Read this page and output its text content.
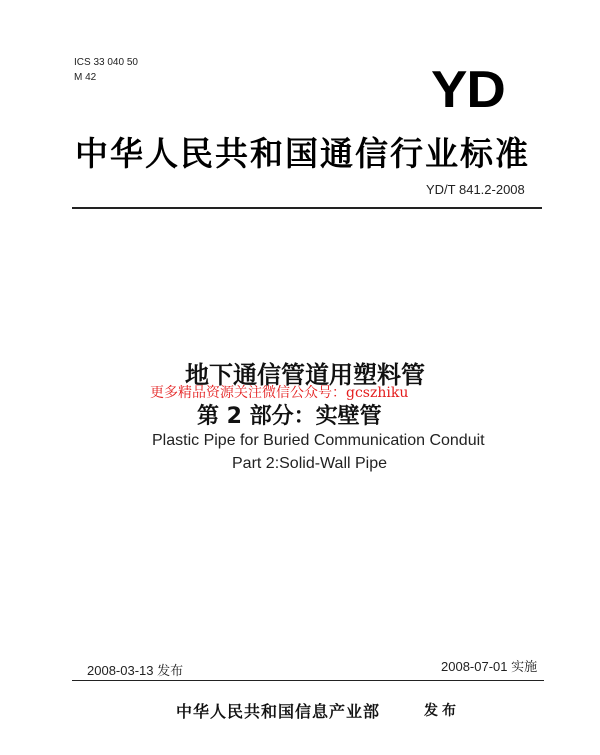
ICS 33 040 50
M 42	YD
中华人民共和国通信行业标准
YD/T 841.2-2008
地下通信管道用塑料管
更多精品资源关注微信公众号：gcszhiku
第 2 部分：实壁管
Plastic Pipe for Buried Communication Conduit
Part 2:Solid-Wall Pipe
2008-03-13 发布	2008-07-01 实施
中华人民共和国信息产业部	发布
